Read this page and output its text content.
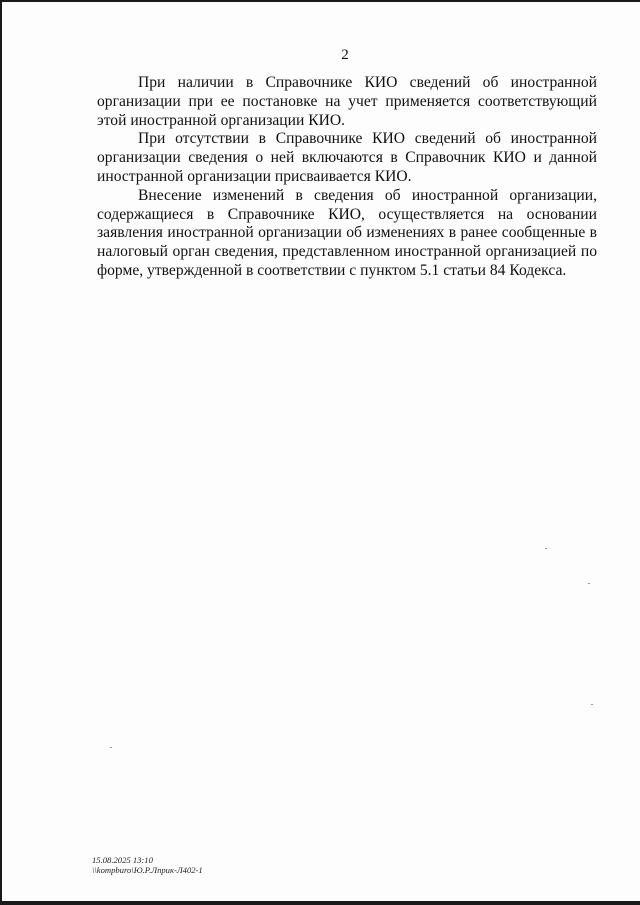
2

При наличии в Справочнике КИО сведений об иностранной организации при ее постановке на учет применяется соответствующий этой иностранной организации КИО.

При отсутствии в Справочнике КИО сведений об иностранной организации сведения о ней включаются в Справочник КИО и данной иностранной организации присваивается КИО.

Внесение изменений в сведения об иностранной организации, содержащиеся в Справочнике КИО, осуществляется на основании заявления иностранной организации об изменениях в ранее сообщенные в налоговый орган сведения, представленном иностранной организацией по форме, утвержденной в соответствии с пунктом 5.1 статьи 84 Кодекса.

15.08.2025 13:10
\\kompburo\Ю.Р.Лприк-Л402-1
